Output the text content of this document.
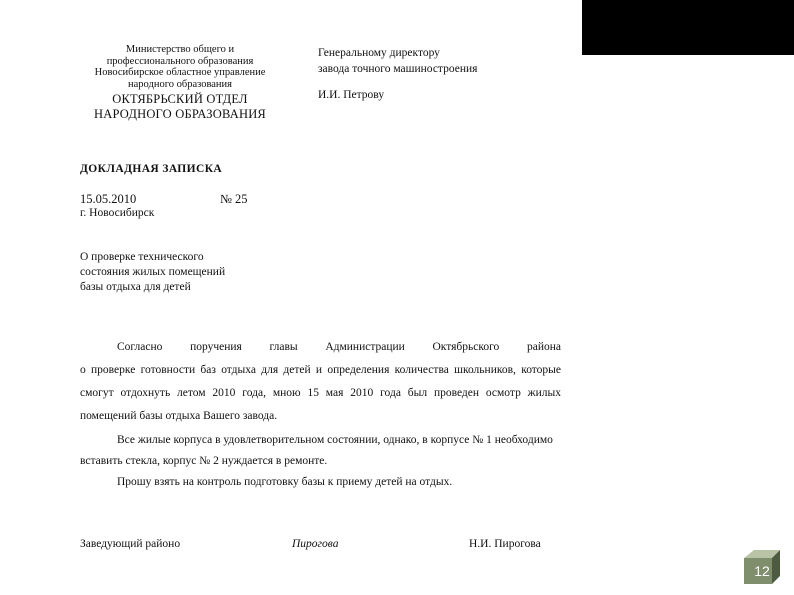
Министерство общего и
профессионального образования
Новосибирское областное управление
народного образования
ОКТЯБРЬСКИЙ ОТДЕЛ
НАРОДНОГО ОБРАЗОВАНИЯ
Генеральному директору
завода точного машиностроения
И.И. Петрову
ДОКЛАДНАЯ ЗАПИСКА
15.05.2010	№ 25
г. Новосибирск
О проверке технического
состояния жилых помещений
базы отдыха для детей

Согласно поручения главы Администрации Октябрьского района
о проверке готовности баз отдыха для детей и определения количества школьников, которые смогут отдохнуть летом 2010 года, мною 15 мая 2010 года был проведен осмотр жилых помещений базы отдыха Вашего завода.

Все жилые корпуса в удовлетворительном состоянии, однако, в корпусе № 1 необходимо вставить стекла, корпус № 2 нуждается в ремонте.

Прошу взять на контроль подготовку базы к приему детей на отдых.

Заведующий районо	Пирогова	Н.И. Пирогова
12
